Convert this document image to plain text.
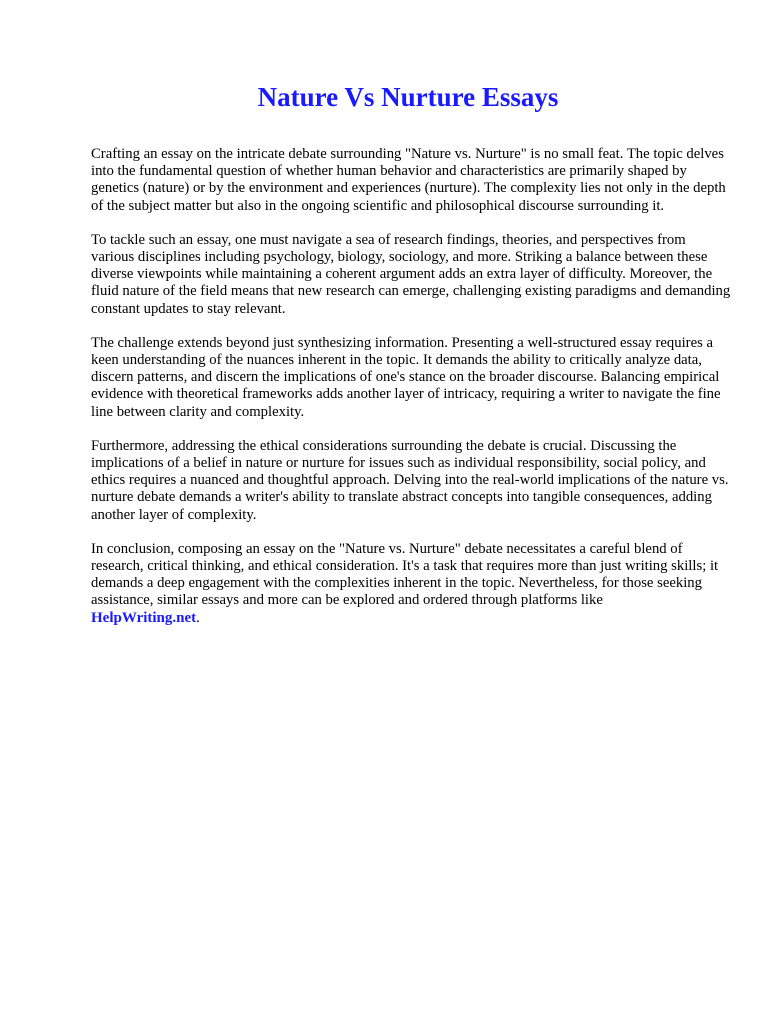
Nature Vs Nurture Essays

Crafting an essay on the intricate debate surrounding "Nature vs. Nurture" is no small feat. The topic delves into the fundamental question of whether human behavior and characteristics are primarily shaped by genetics (nature) or by the environment and experiences (nurture). The complexity lies not only in the depth of the subject matter but also in the ongoing scientific and philosophical discourse surrounding it.

To tackle such an essay, one must navigate a sea of research findings, theories, and perspectives from various disciplines including psychology, biology, sociology, and more. Striking a balance between these diverse viewpoints while maintaining a coherent argument adds an extra layer of difficulty. Moreover, the fluid nature of the field means that new research can emerge, challenging existing paradigms and demanding constant updates to stay relevant.

The challenge extends beyond just synthesizing information. Presenting a well-structured essay requires a keen understanding of the nuances inherent in the topic. It demands the ability to critically analyze data, discern patterns, and discern the implications of one's stance on the broader discourse. Balancing empirical evidence with theoretical frameworks adds another layer of intricacy, requiring a writer to navigate the fine line between clarity and complexity.

Furthermore, addressing the ethical considerations surrounding the debate is crucial. Discussing the implications of a belief in nature or nurture for issues such as individual responsibility, social policy, and ethics requires a nuanced and thoughtful approach. Delving into the real-world implications of the nature vs. nurture debate demands a writer's ability to translate abstract concepts into tangible consequences, adding another layer of complexity.

In conclusion, composing an essay on the "Nature vs. Nurture" debate necessitates a careful blend of research, critical thinking, and ethical consideration. It's a task that requires more than just writing skills; it demands a deep engagement with the complexities inherent in the topic. Nevertheless, for those seeking assistance, similar essays and more can be explored and ordered through platforms like
HelpWriting.net.
